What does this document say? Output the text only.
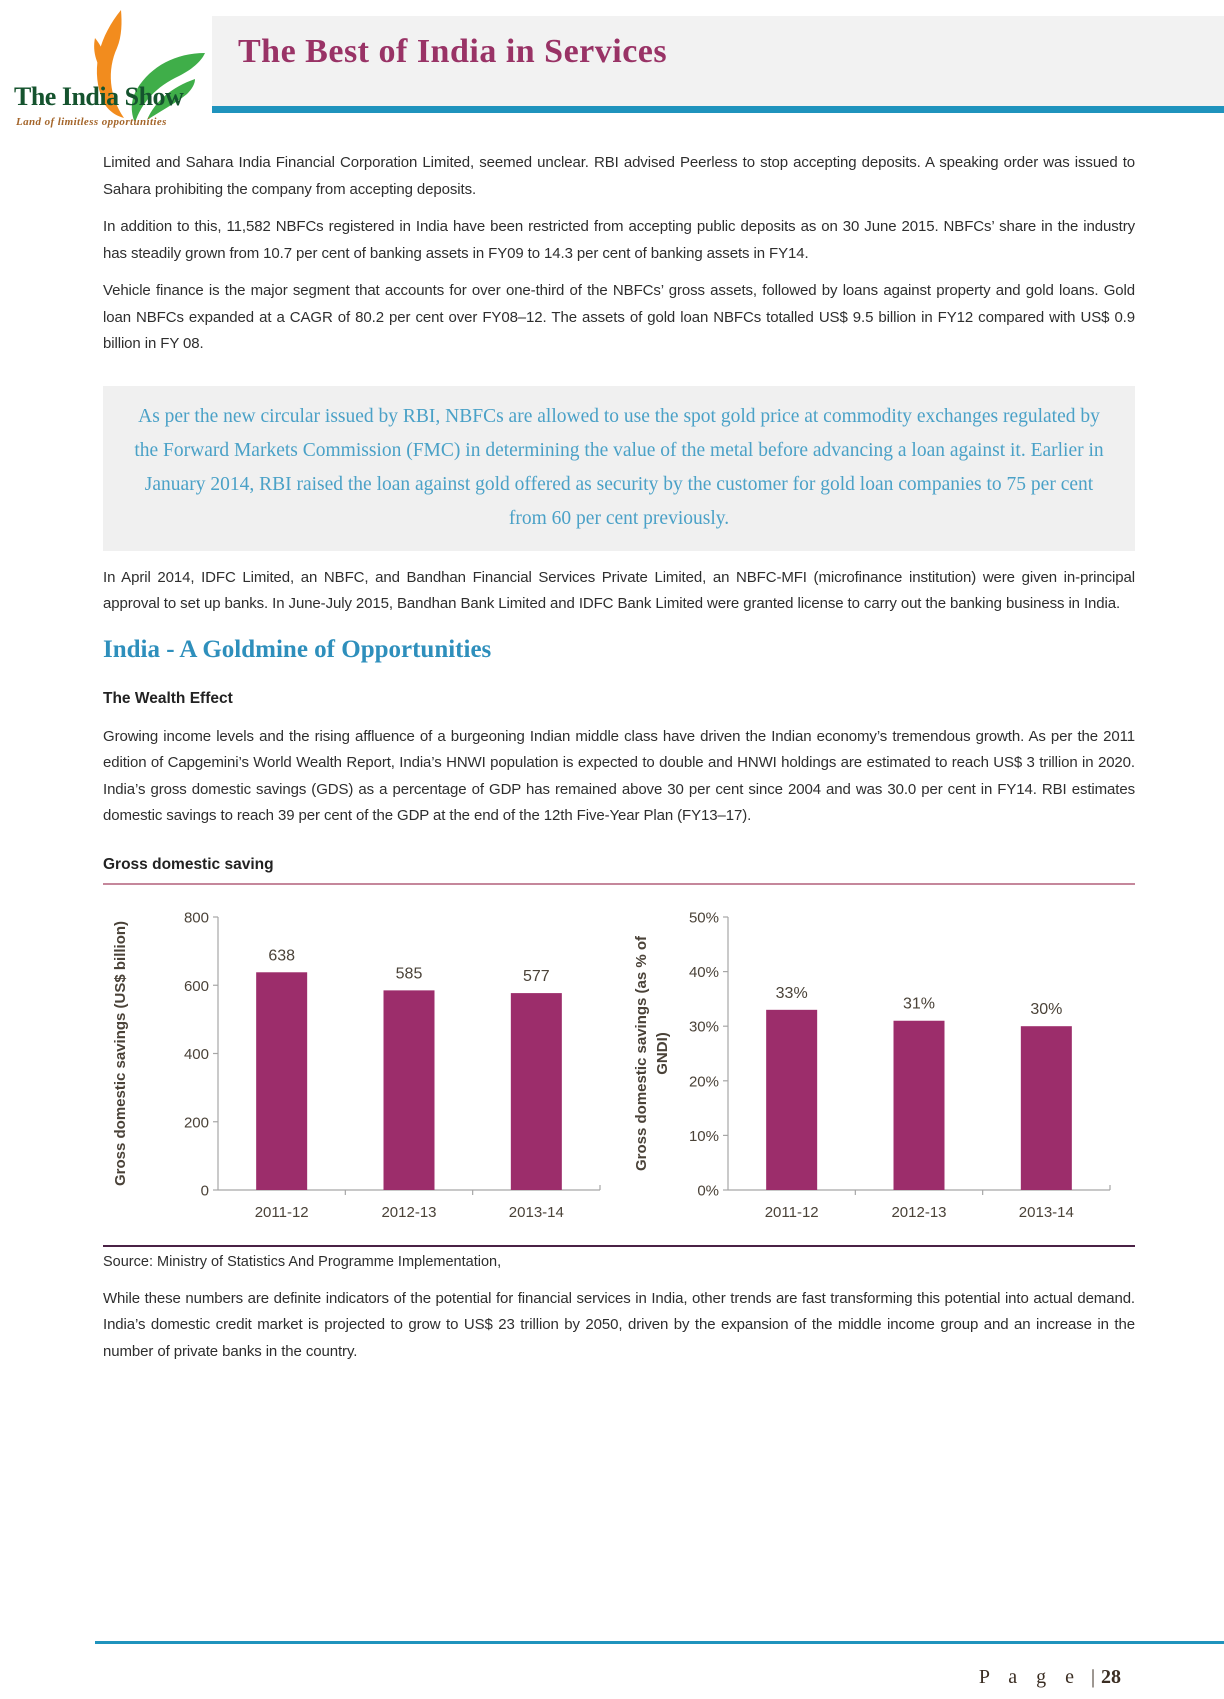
The India Show
Land of limitless opportunities
The Best of India in Services

Limited and Sahara India Financial Corporation Limited, seemed unclear. RBI advised Peerless to stop accepting deposits. A speaking order was issued to Sahara prohibiting the company from accepting deposits.

In addition to this, 11,582 NBFCs registered in India have been restricted from accepting public deposits as on 30 June 2015. NBFCs’ share in the industry has steadily grown from 10.7 per cent of banking assets in FY09 to 14.3 per cent of banking assets in FY14.

Vehicle finance is the major segment that accounts for over one-third of the NBFCs’ gross assets, followed by loans against property and gold loans. Gold loan NBFCs expanded at a CAGR of 80.2 per cent over FY08–12. The assets of gold loan NBFCs totalled US$ 9.5 billion in FY12 compared with US$ 0.9 billion in FY 08.

As per the new circular issued by RBI, NBFCs are allowed to use the spot gold price at commodity exchanges regulated by the Forward Markets Commission (FMC) in determining the value of the metal before advancing a loan against it. Earlier in January 2014, RBI raised the loan against gold offered as security by the customer for gold loan companies to 75 per cent from 60 per cent previously.

In April 2014, IDFC Limited, an NBFC, and Bandhan Financial Services Private Limited, an NBFC-MFI (microfinance institution) were given in-principal approval to set up banks. In June-July 2015, Bandhan Bank Limited and IDFC Bank Limited were granted license to carry out the banking business in India.

India - A Goldmine of Opportunities
The Wealth Effect

Growing income levels and the rising affluence of a burgeoning Indian middle class have driven the Indian economy’s tremendous growth. As per the 2011 edition of Capgemini’s World Wealth Report, India’s HNWI population is expected to double and HNWI holdings are estimated to reach US$ 3 trillion in 2020. India’s gross domestic savings (GDS) as a percentage of GDP has remained above 30 per cent since 2004 and was 30.0 per cent in FY14. RBI estimates domestic savings to reach 39 per cent of the GDP at the end of the 12th Five-Year Plan (FY13–17).

Gross domestic saving
0
200
400
600
800
638
2011-12
585
2012-13
577
2013-14
Gross domestic savings (US$ billion)
0%
10%
20%
30%
40%
50%
33%
2011-12
31%
2012-13
30%
2013-14
Gross domestic savings (as % of GNDI)
Source: Ministry of Statistics And Programme Implementation,

While these numbers are definite indicators of the potential for financial services in India, other trends are fast transforming this potential into actual demand. India’s domestic credit market is projected to grow to US$ 23 trillion by 2050, driven by the expansion of the middle income group and an increase in the number of private banks in the country.

P a g e | 28
